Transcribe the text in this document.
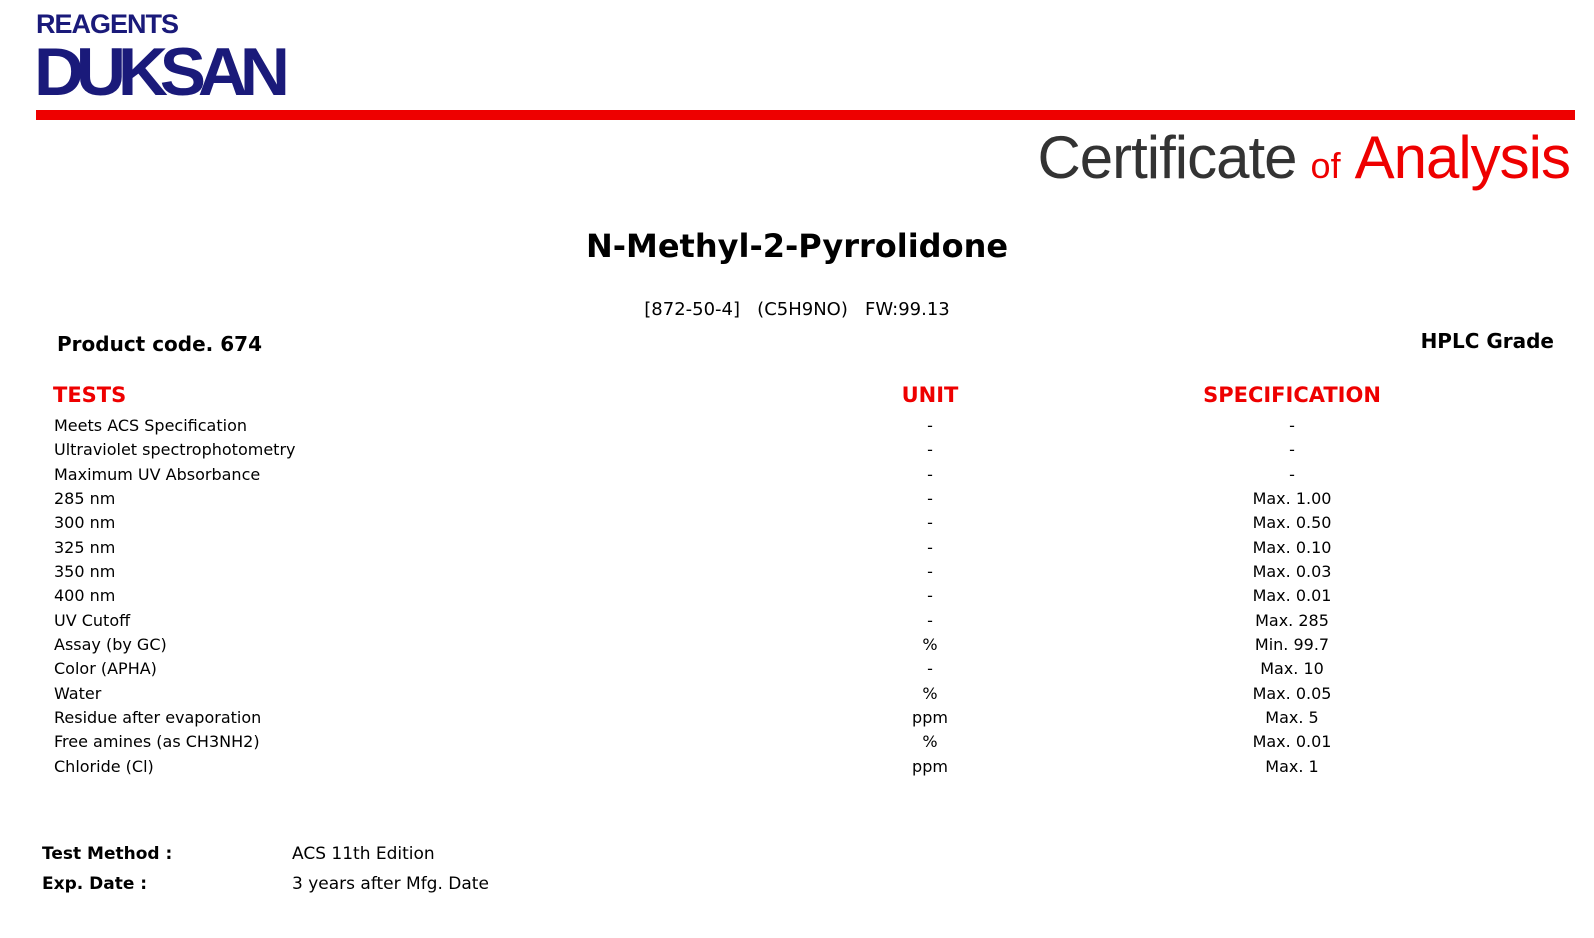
REAGENTS
DUKSAN
Certificate of Analysis
N-Methyl-2-Pyrrolidone
[872-50-4]   (C5H9NO)   FW:99.13
Product code. 674	HPLC Grade
TESTS	UNIT	SPECIFICATION
Meets ACS Specification	-	-
Ultraviolet spectrophotometry	-	-
Maximum UV Absorbance	-	-
285 nm	-	Max. 1.00
300 nm	-	Max. 0.50
325 nm	-	Max. 0.10
350 nm	-	Max. 0.03
400 nm	-	Max. 0.01
UV Cutoff	-	Max. 285
Assay (by GC)	%	Min. 99.7
Color (APHA)	-	Max. 10
Water	%	Max. 0.05
Residue after evaporation	ppm	Max. 5
Free amines (as CH3NH2)	%	Max. 0.01
Chloride (Cl)	ppm	Max. 1
Test Method :	ACS 11th Edition
Exp. Date :	3 years after Mfg. Date
